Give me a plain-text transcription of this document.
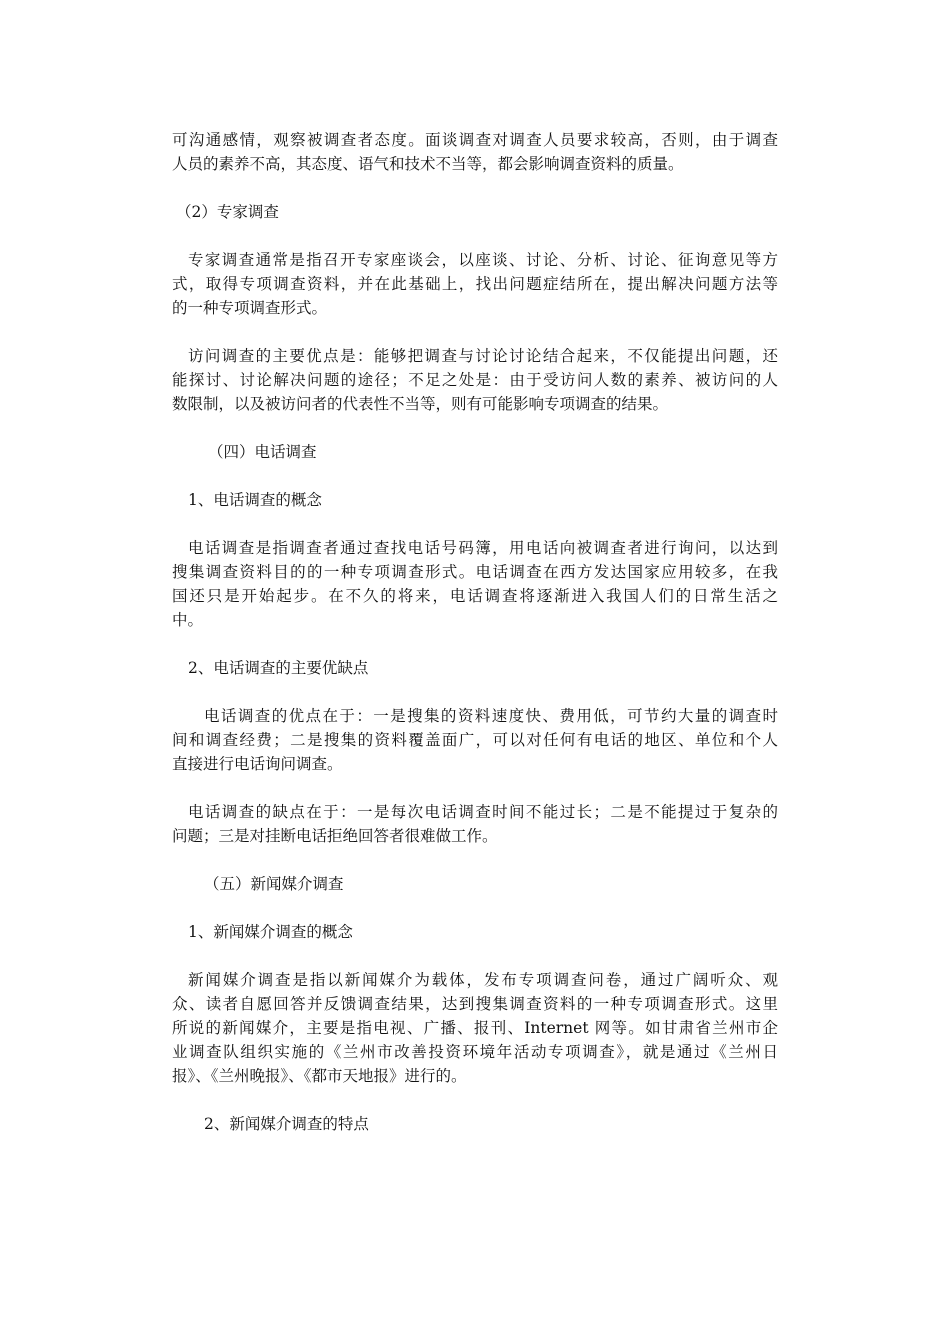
可沟通感情，观察被调查者态度。面谈调查对调查人员要求较高，否则，由于调查
人员的素养不高，其态度、语气和技术不当等，都会影响调查资料的质量。
（2）专家调查
专家调查通常是指召开专家座谈会，以座谈、讨论、分析、讨论、征询意见等方
式，取得专项调查资料，并在此基础上，找出问题症结所在，提出解决问题方法等
的一种专项调查形式。
访问调查的主要优点是：能够把调查与讨论讨论结合起来，不仅能提出问题，还
能探讨、讨论解决问题的途径；不足之处是：由于受访问人数的素养、被访问的人
数限制，以及被访问者的代表性不当等，则有可能影响专项调查的结果。
（四）电话调查
1、电话调查的概念
电话调查是指调查者通过查找电话号码簿，用电话向被调查者进行询问，以达到
搜集调查资料目的的一种专项调查形式。电话调查在西方发达国家应用较多，在我
国还只是开始起步。在不久的将来，电话调查将逐渐进入我国人们的日常生活之
中。
2、电话调查的主要优缺点
电话调查的优点在于：一是搜集的资料速度快、费用低，可节约大量的调查时
间和调查经费；二是搜集的资料覆盖面广，可以对任何有电话的地区、单位和个人
直接进行电话询问调查。
电话调查的缺点在于：一是每次电话调查时间不能过长；二是不能提过于复杂的
问题；三是对挂断电话拒绝回答者很难做工作。
（五）新闻媒介调查
1、新闻媒介调查的概念
新闻媒介调查是指以新闻媒介为载体，发布专项调查问卷，通过广阔听众、观
众、读者自愿回答并反馈调查结果，达到搜集调查资料的一种专项调查形式。这里
所说的新闻媒介，主要是指电视、广播、报刊、Internet 网等。如甘肃省兰州市企
业调查队组织实施的《兰州市改善投资环境年活动专项调查》，就是通过《兰州日
报》、《兰州晚报》、《都市天地报》进行的。
2、新闻媒介调查的特点
